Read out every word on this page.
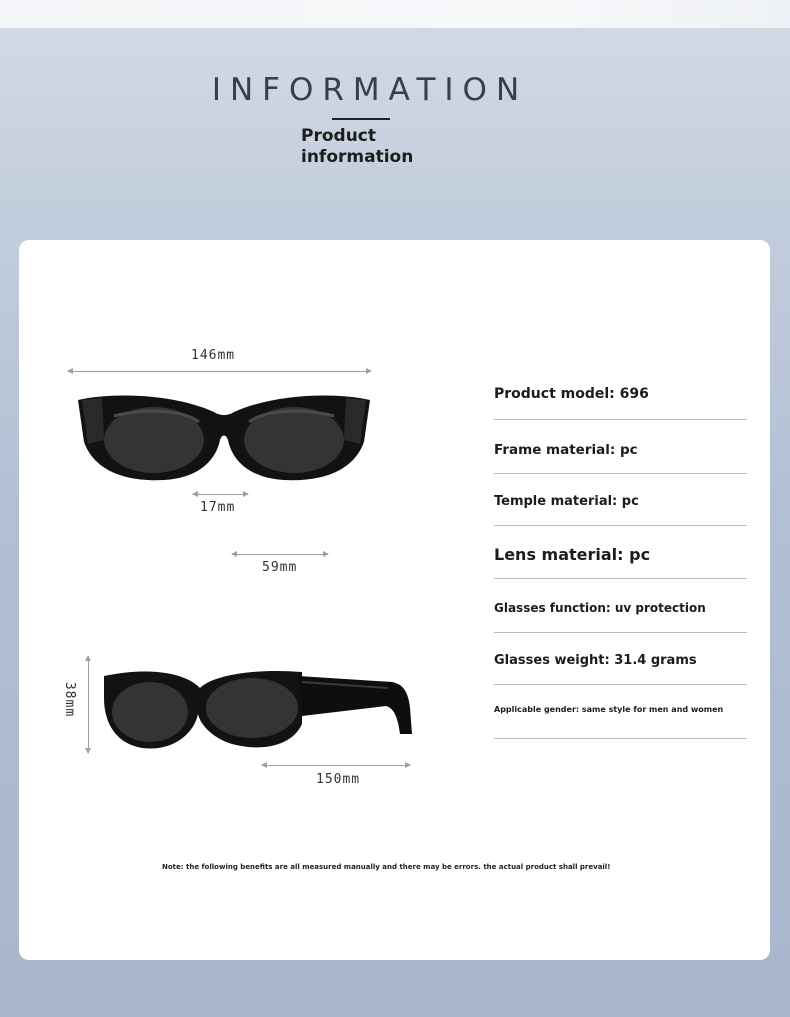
INFORMATION
Product
information
146mm
17mm
59mm
38mm
150mm
Product model: 696
Frame material: pc
Temple material: pc
Lens material: pc
Glasses function: uv protection
Glasses weight: 31.4 grams
Applicable gender: same style for men and women
Note: the following benefits are all measured manually and there may be errors. the actual product shall prevail!
